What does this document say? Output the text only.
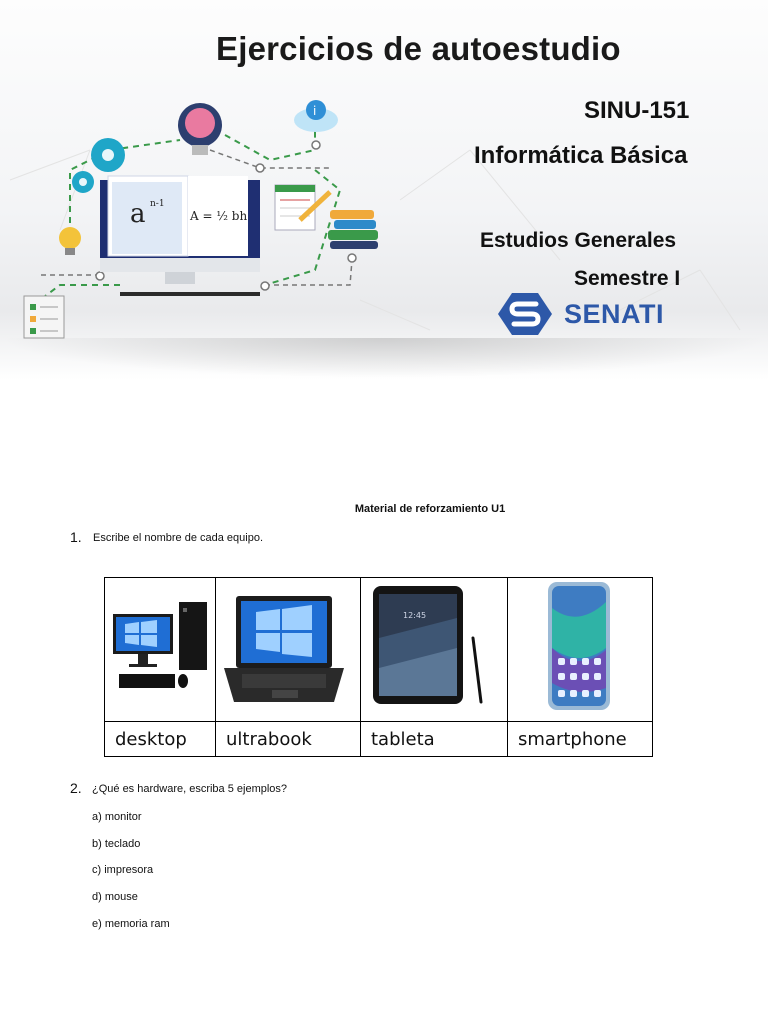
i
a n-1
A = ½ bh
Ejercicios de autoestudio
SINU-151
Informática Básica
Estudios Generales
Semestre I
SENATI
Material de reforzamiento U1
1. Escribe el nombre de cada equipo.

12:45

desktop	ultrabook	tableta	smartphone
2. ¿Qué es hardware, escriba 5 ejemplos?
a) monitor
b) teclado
c) impresora
d) mouse
e) memoria ram
